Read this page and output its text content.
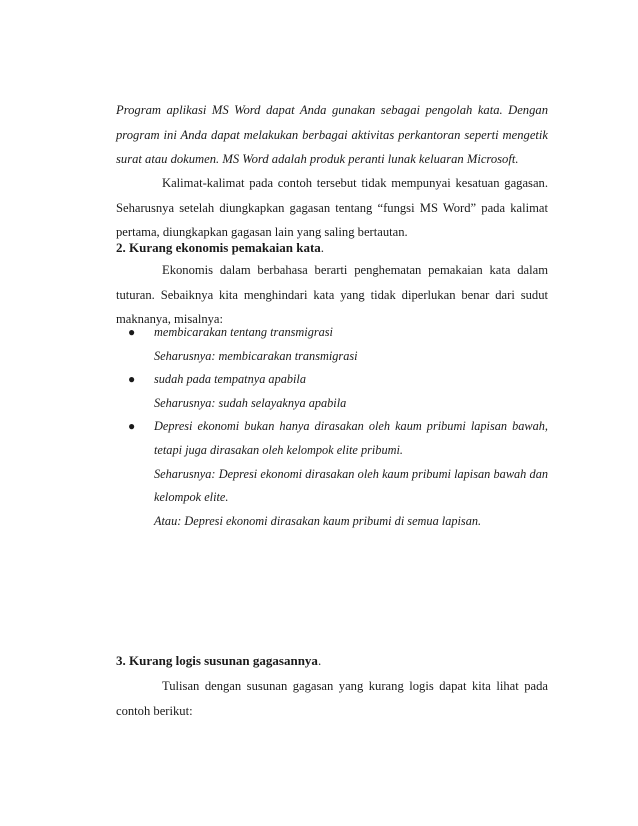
Program aplikasi MS Word dapat Anda gunakan sebagai pengolah kata. Dengan program ini Anda dapat melakukan berbagai aktivitas perkantoran seperti mengetik surat atau dokumen. MS Word adalah produk peranti lunak keluaran Microsoft.

Kalimat-kalimat pada contoh tersebut tidak mempunyai kesatuan gagasan. Seharusnya setelah diungkapkan gagasan tentang “fungsi MS Word” pada kalimat pertama, diungkapkan gagasan lain yang saling bertautan.

2. Kurang ekonomis pemakaian kata.

Ekonomis dalam berbahasa berarti penghematan pemakaian kata dalam tuturan. Sebaiknya kita menghindari kata yang tidak diperlukan benar dari sudut maknanya, misalnya:

● membicarakan tentang transmigrasi
Seharusnya: membicarakan transmigrasi
● sudah pada tempatnya apabila
Seharusnya: sudah selayaknya apabila
● Depresi ekonomi bukan hanya dirasakan oleh kaum pribumi lapisan bawah, tetapi juga dirasakan oleh kelompok elite pribumi.
Seharusnya: Depresi ekonomi dirasakan oleh kaum pribumi lapisan bawah dan kelompok elite.
Atau: Depresi ekonomi dirasakan kaum pribumi di semua lapisan.

3. Kurang logis susunan gagasannya.

Tulisan dengan susunan gagasan yang kurang logis dapat kita lihat pada contoh berikut:
